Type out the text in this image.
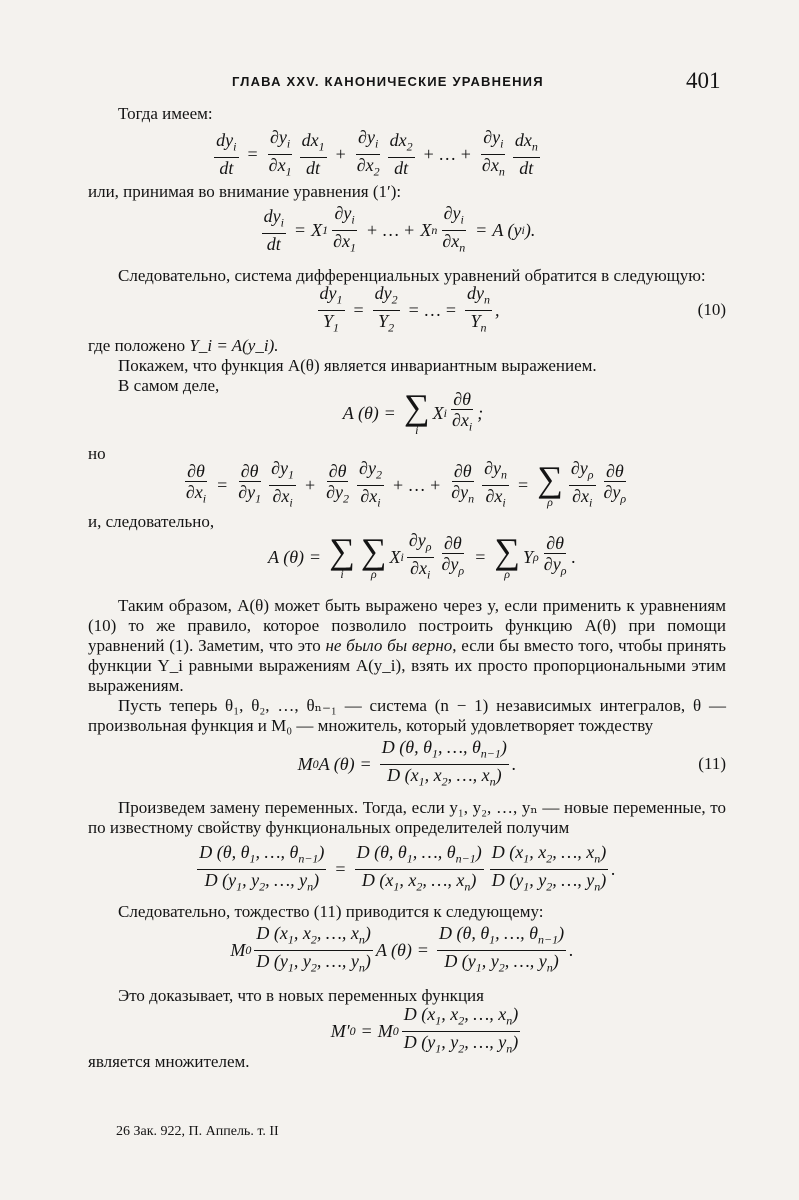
ГЛАВА XXV. КАНОНИЧЕСКИЕ УРАВНЕНИЯ	401

Тогда имеем:

$\frac{dy_i}{dt} = \frac{\partial y_i}{\partial x_1} \frac{dx_1}{dt} + \frac{\partial y_i}{\partial x_2} \frac{dx_2}{dt}$ + … + $\frac{\partial y_i}{\partial x_n} \frac{dx_n}{dt}$

или, принимая во внимание уравнения (1′):

$\frac{dy_i}{dt} = X$ $1 \frac{\partial y_i}{\partial x_1}$ + … + X n $\frac{\partial y_i}{\partial x_n} = A$ (y i ).

Следовательно, система дифференциальных уравнений обратится в следующую:

$\frac{dy_1}{Y_1} = \frac{dy_2}{Y_2}$ = … = $\frac{dy_n}{Y_n}$ ,	(10)

где положено Y_i = A(y_i).

Покажем, что функция A(θ) является инвариантным выражением.

В самом деле,

A (θ) = ∑
i
X i $\frac{\partial\theta}{\partial x_i}$ ;

но

$\frac{\partial\theta}{\partial x_i} = \frac{\partial\theta}{\partial y_1} \frac{\partial y_1}{\partial x_i} + \frac{\partial\theta}{\partial y_2} \frac{\partial y_2}{\partial x_i}$ + … + $\frac{\partial\theta}{\partial y_n} \frac{\partial y_n}{\partial x_i}$ = ∑
ρ $\frac{\partial y_\rho}{\partial x_i} \frac{\partial\theta}{\partial y_\rho}$

и, следовательно,

A (θ) = ∑
i
∑
ρ
X i $\frac{\partial y_\rho}{\partial x_i} \frac{\partial\theta}{\partial y_\rho}$ = ∑
ρ
Y ρ $\frac{\partial\theta}{\partial y_\rho}$ .

Таким образом, A(θ) может быть выражено через y, если применить к уравнениям (10) то же правило, которое позволило построить функцию A(θ) при помощи уравнений (1). Заметим, что это не было бы верно, если бы вместо того, чтобы принять функции Y_i равными выражениям A(y_i), взять их просто пропорциональными этим выражениям.

Пусть теперь θ₁, θ₂, …, θₙ₋₁ — система (n − 1) независимых интегралов, θ — произвольная функция и M₀ — множитель, который удовлетворяет тождеству

M 0 A $(\theta) = \frac{D (\theta, \theta_1, \dots, \theta_{n-1})}{D (x_1, x_2, \dots, x_n)}$ .	(11)

Произведем замену переменных. Тогда, если y₁, y₂, …, yₙ — новые переменные, то по известному свойству функциональных определителей получим

$\frac{D (\theta, \theta_1, \dots, \theta_{n-1})}{D (y_1, y_2, \dots, y_n)} = \frac{D (\theta, \theta_1, \dots, \theta_{n-1})}{D (x_1, x_2, \dots, x_n)} \frac{D (x_1, x_2, \dots, x_n)}{D (y_1, y_2, \dots, y_n)}$ .

Следовательно, тождество (11) приводится к следующему:

M $0 \frac{D (x_1, x_2, \dots, x_n)}{D (y_1, y_2, \dots, y_n)}$ A $(\theta) = \frac{D (\theta, \theta_1, \dots, \theta_{n-1})}{D (y_1, y_2, \dots, y_n)}$ .

Это доказывает, что в новых переменных функция

M′ 0 = M $0 \frac{D (x_1, x_2, \dots, x_n)}{D (y_1, y_2, \dots, y_n)}$

является множителем.

26 Зак. 922, П. Аппель. т. II
